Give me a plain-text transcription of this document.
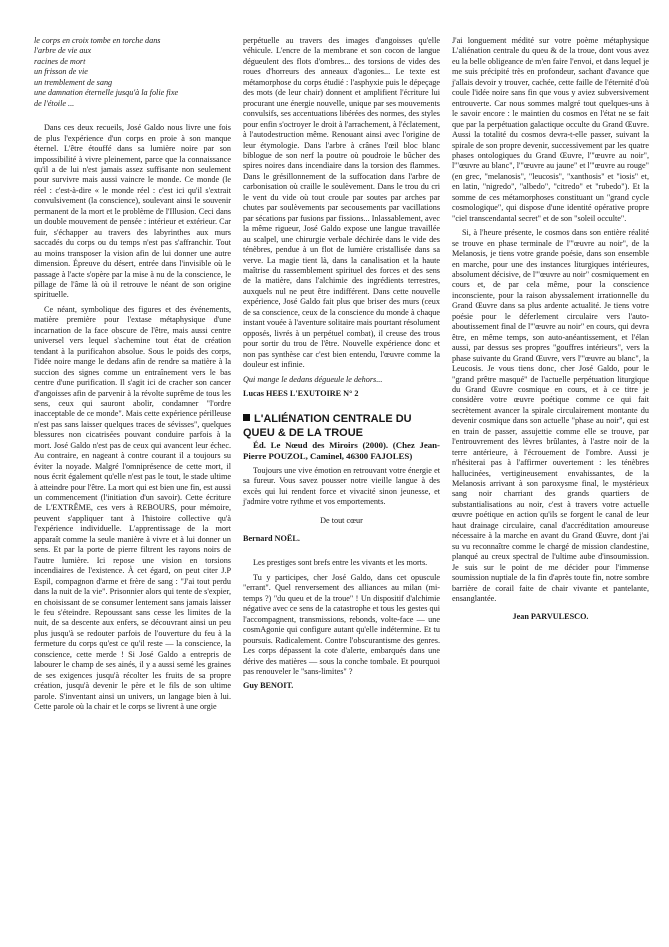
le corps en croix tombe en torche dans

l'arbre de vie aux

racines de mort

un frisson de vie

un tremblement de sang

une damnation éternelle jusqu'à la folie fixe

de l'étoile ...

Dans ces deux recueils, José Galdo nous livre une fois de plus l'expérience d'un corps en proie à son manque éternel. L'être étouffé dans sa lumière noire par son impossibilité à vivre pleinement, parce que la connaissance qu'il a de lui n'est jamais assez suffisante non seulement pour survivre mais aussi vaincre le monde. Ce monde (le réel : c'est-à-dire « le monde réel : c'est ici qu'il s'extrait convulsivement (la conscience), soulevant ainsi le souvenir permanent de la mort et le problème de l'Illusion. Ceci dans un double mouvement de pensée : intérieur et extérieur. Car fuir, s'échapper au travers des labyrinthes aux murs saccadés du corps ou du temps n'est pas s'affranchir. Tout au moins transposer la vision afin de lui donner une autre dimension. Épreuve du désert, entrée dans l'invisible où le passage à l'acte s'opère par la mise à nu de la conscience, le pillage de l'âme là où il retrouve le néant de son origine spirituelle.

Ce néant, symbolique des figures et des événements, matière première pour l'extase métaphysique d'une incarnation de la face obscure de l'être, mais aussi centre universel vers lequel s'achemine tout état de création tendant à la purificahon absolue. Sous le poids des corps, l'idée noire mange le dedans afin de rendre sa matière à la succion des signes comme un entraînement vers le bas centre d'une purification. Il s'agit ici de cracher son cancer d'angoisses afin de parvenir à la révolte suprême de tous les sens, ceux qui sauront abolir, condamner "l'ordre inacceptable de ce monde". Mais cette expérience périlleuse n'est pas sans laisser quelques traces de sévisses", quelques blessures non cicatrisées pouvant conduire parfois à la mort. José Galdo n'est pas de ceux qui avancent leur échec. Au contraire, en nageant à contre courant il a toujours su éviter la noyade. Malgré l'omniprésence de cette mort, il nous écrit également qu'elle n'est pas le tout, le stade ultime à atteindre pour l'être. La mort qui est bien une fin, est aussi un commencement (l'initiation d'un savoir). Cette écriture de L'EXTRÊME, ces vers à REBOURS, pour mémoire, peuvent s'appliquer tant à l'histoire collective qu'à l'expérience individuelle. L'apprentissage de la mort apparaît comme la seule manière à vivre et à lui donner un sens. Et par la porte de pierre filtrent les rayons noirs de l'autre lumière. Ici repose une vision en torsions incendiaires de l'existence. À cet égard, on peut citer J.P Espil, compagnon d'arme et frère de sang : "J'ai tout perdu dans la nuit de la vie". Prisonnier alors qui tente de s'expier, en choisissant de se consumer lentement sans jamais laisser le feu s'éteindre. Repoussant sans cesse les limites de la nuit, de sa descente aux enfers, se découvrant ainsi un peu plus jusqu'à se redouter parfois de l'ouverture du feu à la fermeture du corps qu'est ce qu'il reste — la conscience, la conscience, cette merde ! Si José Galdo a entrepris de labourer le champ de ses ainés, il y a aussi semé les graines de ses exigences jusqu'à récolter les fruits de sa propre création, jusqu'à devenir le père et le fils de son ultime parole. S'inventant ainsi un univers, un langage bien à lui. Cette parole où la chair et le corps se livrent à une orgie

perpétuelle au travers des images d'angoisses qu'elle véhicule. L'encre de la membrane et son cocon de langue dégueulent des flots d'ombres... des torsions de vides des roues d'horreurs des anneaux d'agonies... Le texte est métamorphose du corps étudié : l'asphyxie puis le dépeçage des mots (de leur chair) donnent et amplifient l'écriture lui procurant une énergie nouvelle, unique par ses mouvements convulsifs, ses accentuations libérées des normes, des styles pour enfin s'octroyer le droit à l'arrachement, à l'éclatement, à l'autodestruction même. Renouant ainsi avec l'origine de leur étymologie. Dans l'arbre à crânes l'œil bloc blanc biblogue de son nerf la poutre où poudroie le bûcher des spires noires dans incendiaire dans la torsion des flammes. Dans le grésillonnement de la suffocation dans l'arbre de carbonisation où craille le soulèvement. Dans le trou du cri le vent du vide où tout croule par soutes par arches par chutes par soulèvements par secousements par vacillations par sécations par fusions par fissions... Inlassablement, avec la même rigueur, José Galdo expose une langue travaillée au scalpel, une chirurgie verbale déchirée dans le vide des ténèbres, pendue à un flot de lumière cristallisée dans sa verve. La magie tient là, dans la canalisation et la haute maîtrise du rassemblement spirituel des forces et des sens de la matière, dans l'alchimie des ingrédients terrestres, auxquels nul ne peut être indifférent. Dans cette nouvelle expérience, José Galdo fait plus que briser des murs (ceux de sa conscience, ceux de la conscience du monde à chaque instant vouée à l'aventure solitaire mais pourtant résolument opposés, livrés à un perpétuel combat), il creuse des trous pour sortir du trou de l'être. Nouvelle expérience donc et non pas synthèse car c'est bien entendu, l'œuvre comme la douleur est infinie.

Qui mange le dedans dégueule le dehors...

Lucas HEES L'EXUTOIRE N° 2

L'ALIÉNATION CENTRALE DU QUEU & DE LA TROUE

Éd. Le Nœud des Miroirs (2000). (Chez Jean-Pierre POUZOL, Caminel, 46300 FAJOLES)

Toujours une vive émotion en retrouvant votre énergie et sa fureur. Vous savez pousser notre vieille langue à des excès qui lui rendent force et vivacité sinon jeunesse, et j'admire votre rythme et vos emportements.

De tout cœur

Bernard NOËL.

Les prestiges sont brefs entre les vivants et les morts.

Tu y participes, cher José Galdo, dans cet opuscule "errant". Quel renversement des alliances au milan (mi-temps ?) "du queu et de la troue" ! Un dispositif d'alchimie négative avec ce sens de la catastrophe et tous les gestes qui l'accompagnent, transmissions, rebonds, volte-face — une cosmAgonie qui configure autant qu'elle indétermine. Et tu poursuis. Radicalement. Contre l'obscurantisme des genres. Les corps dépassent la cote d'alerte, embarqués dans une dérive des matières — sous la conche tombale. Et pourquoi pas renouveler le "sans-limites" ?

Guy BENOIT.

J'ai longuement médité sur votre poème métaphysique L'aliénation centrale du queu & de la troue, dont vous avez eu la belle obligeance de m'en faire l'envoi, et dans lequel je me suis précipité très en profondeur, sachant d'avance que j'allais devoir y trouver, cachée, cette faille de l'éternité d'où coule l'idée noire sans fin que vous y aviez subversivement entrouverte. Car nous sommes malgré tout quelques-uns à le savoir encore : le maintien du cosmos en l'état ne se fait que par la perpétuation galactique occulte du Grand Œuvre. Aussi la totalité du cosmos devra-t-elle passer, suivant la spirale de son propre devenir, successivement par les quatre phases ontologiques du Grand Œuvre, l'"œuvre au noir", l'"œuvre au blanc", l'"œuvre au jaune" et l'"œuvre au rouge" (en grec, "melanosis", "leucosis", "xanthosis" et "iosis" et, en latin, "nigredo", "albedo", "citredo" et "rubedo"). Et la somme de ces métamorphoses constituant un "grand cycle cosmologique", qui dispose d'une identité opérative propre "ciel transcendantal secret" et de son "soleil occulte".

Si, à l'heure présente, le cosmos dans son entière réalité se trouve en phase terminale de l'"œuvre au noir", de la Melanosis, je tiens votre grande poésie, dans son ensemble en marche, pour une des instances liturgiques intérieures, absolument décisive, de l'"œuvre au noir" cosmiquement en cours et, de par cela même, pour la conscience inconsciente, pour la raison abyssalement irrationnelle du Grand Œuvre dans sa plus ardente actualité. Je tiens votre poésie pour le déferlement circulaire vers l'auto-aboutissement final de l'"œuvre au noir" en cours, qui devra être, en même temps, son auto-anéantissement, et l'élan aussi, par dessus ses propres "gouffres intérieurs", vers la phase suivante du Grand Œuvre, vers l'"œuvre au blanc", la Leucosis. Je vous tiens donc, cher José Galdo, pour le "grand prêtre masqué" de l'actuelle perpétuation liturgique du Grand Œuvre cosmique en cours, et à ce titre je considère votre œuvre poétique comme ce qui fait secrètement avancer la spirale circulairement montante du devenir cosmique dans son actuelle "phase au noir", qui est en train de passer, assujettie comme elle se trouve, par l'entrouvrement des lèvres brûlantes, à l'astre noir de la terre antérieure, à l'écrouement de l'ombre. Aussi je n'hésiterai pas à l'affirmer ouvertement : les ténèbres hallucinées, vertigineusement envahissantes, de la Melanosis arrivant à son paroxysme final, le mystérieux sang noir charriant des grands quartiers de substantialisations au noir, c'est à travers votre actuelle œuvre poétique en action qu'ils se forgent le canal de leur haut drainage circulaire, canal d'accréditation amoureuse nécessaire à la marche en avant du Grand Œuvre, dont j'ai su vu reconnaître comme le chargé de mission clandestine, planqué au creux spectral de l'ultime aube d'insoumission. Je suis sur le point de me décider pour l'immense soumission nuptiale de la fin d'après toute fin, notre sombre barrière de corail faite de chair vivante et pantelante, ensanglantée.

Jean PARVULESCO.
